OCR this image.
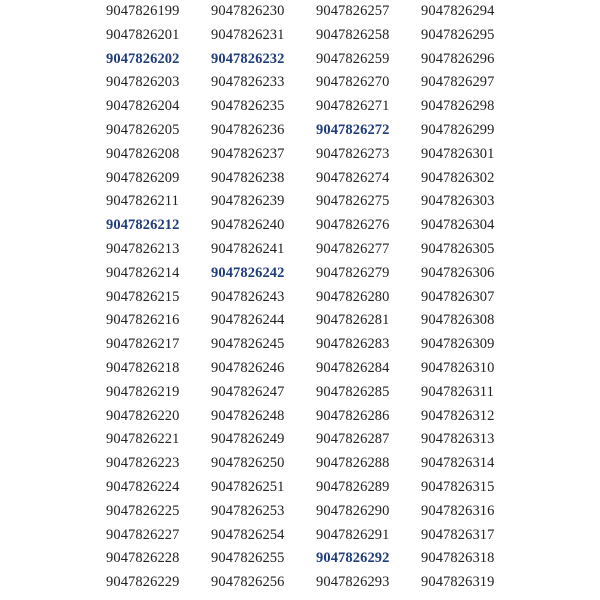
9047826199
9047826201
9047826202
9047826203
9047826204
9047826205
9047826208
9047826209
9047826211
9047826212
9047826213
9047826214
9047826215
9047826216
9047826217
9047826218
9047826219
9047826220
9047826221
9047826223
9047826224
9047826225
9047826227
9047826228
9047826229
9047826230
9047826231
9047826232
9047826233
9047826235
9047826236
9047826237
9047826238
9047826239
9047826240
9047826241
9047826242
9047826243
9047826244
9047826245
9047826246
9047826247
9047826248
9047826249
9047826250
9047826251
9047826253
9047826254
9047826255
9047826256
9047826257
9047826258
9047826259
9047826270
9047826271
9047826272
9047826273
9047826274
9047826275
9047826276
9047826277
9047826279
9047826280
9047826281
9047826283
9047826284
9047826285
9047826286
9047826287
9047826288
9047826289
9047826290
9047826291
9047826292
9047826293
9047826294
9047826295
9047826296
9047826297
9047826298
9047826299
9047826301
9047826302
9047826303
9047826304
9047826305
9047826306
9047826307
9047826308
9047826309
9047826310
9047826311
9047826312
9047826313
9047826314
9047826315
9047826316
9047826317
9047826318
9047826319
